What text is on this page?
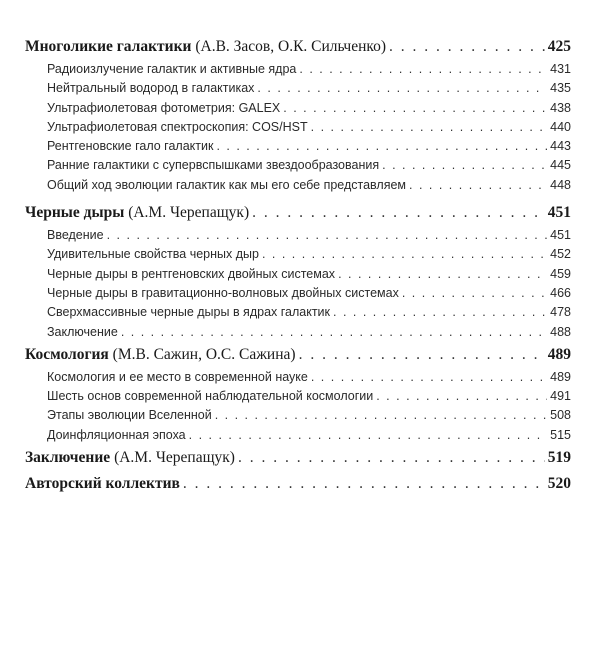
Многоликие галактики (А.В. Засов, О.К. Сильченко) . . .	425
Радиоизлучение галактик и активные ядра . . .	431
Нейтральный водород в галактиках . . .	435
Ультрафиолетовая фотометрия: GALEX . . .	438
Ультрафиолетовая спектроскопия: COS/HST . . .	440
Рентгеновские гало галактик . . .	443
Ранние галактики с супервспышками звездообразования . . .	445
Общий ход эволюции галактик как мы его себе представляем . . .	448
Черные дыры (А.М. Черепащук) . . .	451
Введение . . .	451
Удивительные свойства черных дыр . . .	452
Черные дыры в рентгеновских двойных системах . . .	459
Черные дыры в гравитационно-волновых двойных системах . . .	466
Сверхмассивные черные дыры в ядрах галактик . . .	478
Заключение . . .	488
Космология (М.В. Сажин, О.С. Сажина) . . .	489
Космология и ее место в современной науке . . .	489
Шесть основ современной наблюдательной космологии . . .	491
Этапы эволюции Вселенной . . .	508
Доинфляционная эпоха . . .	515
Заключение (А.М. Черепащук) . . .	519
Авторский коллектив . . .	520
